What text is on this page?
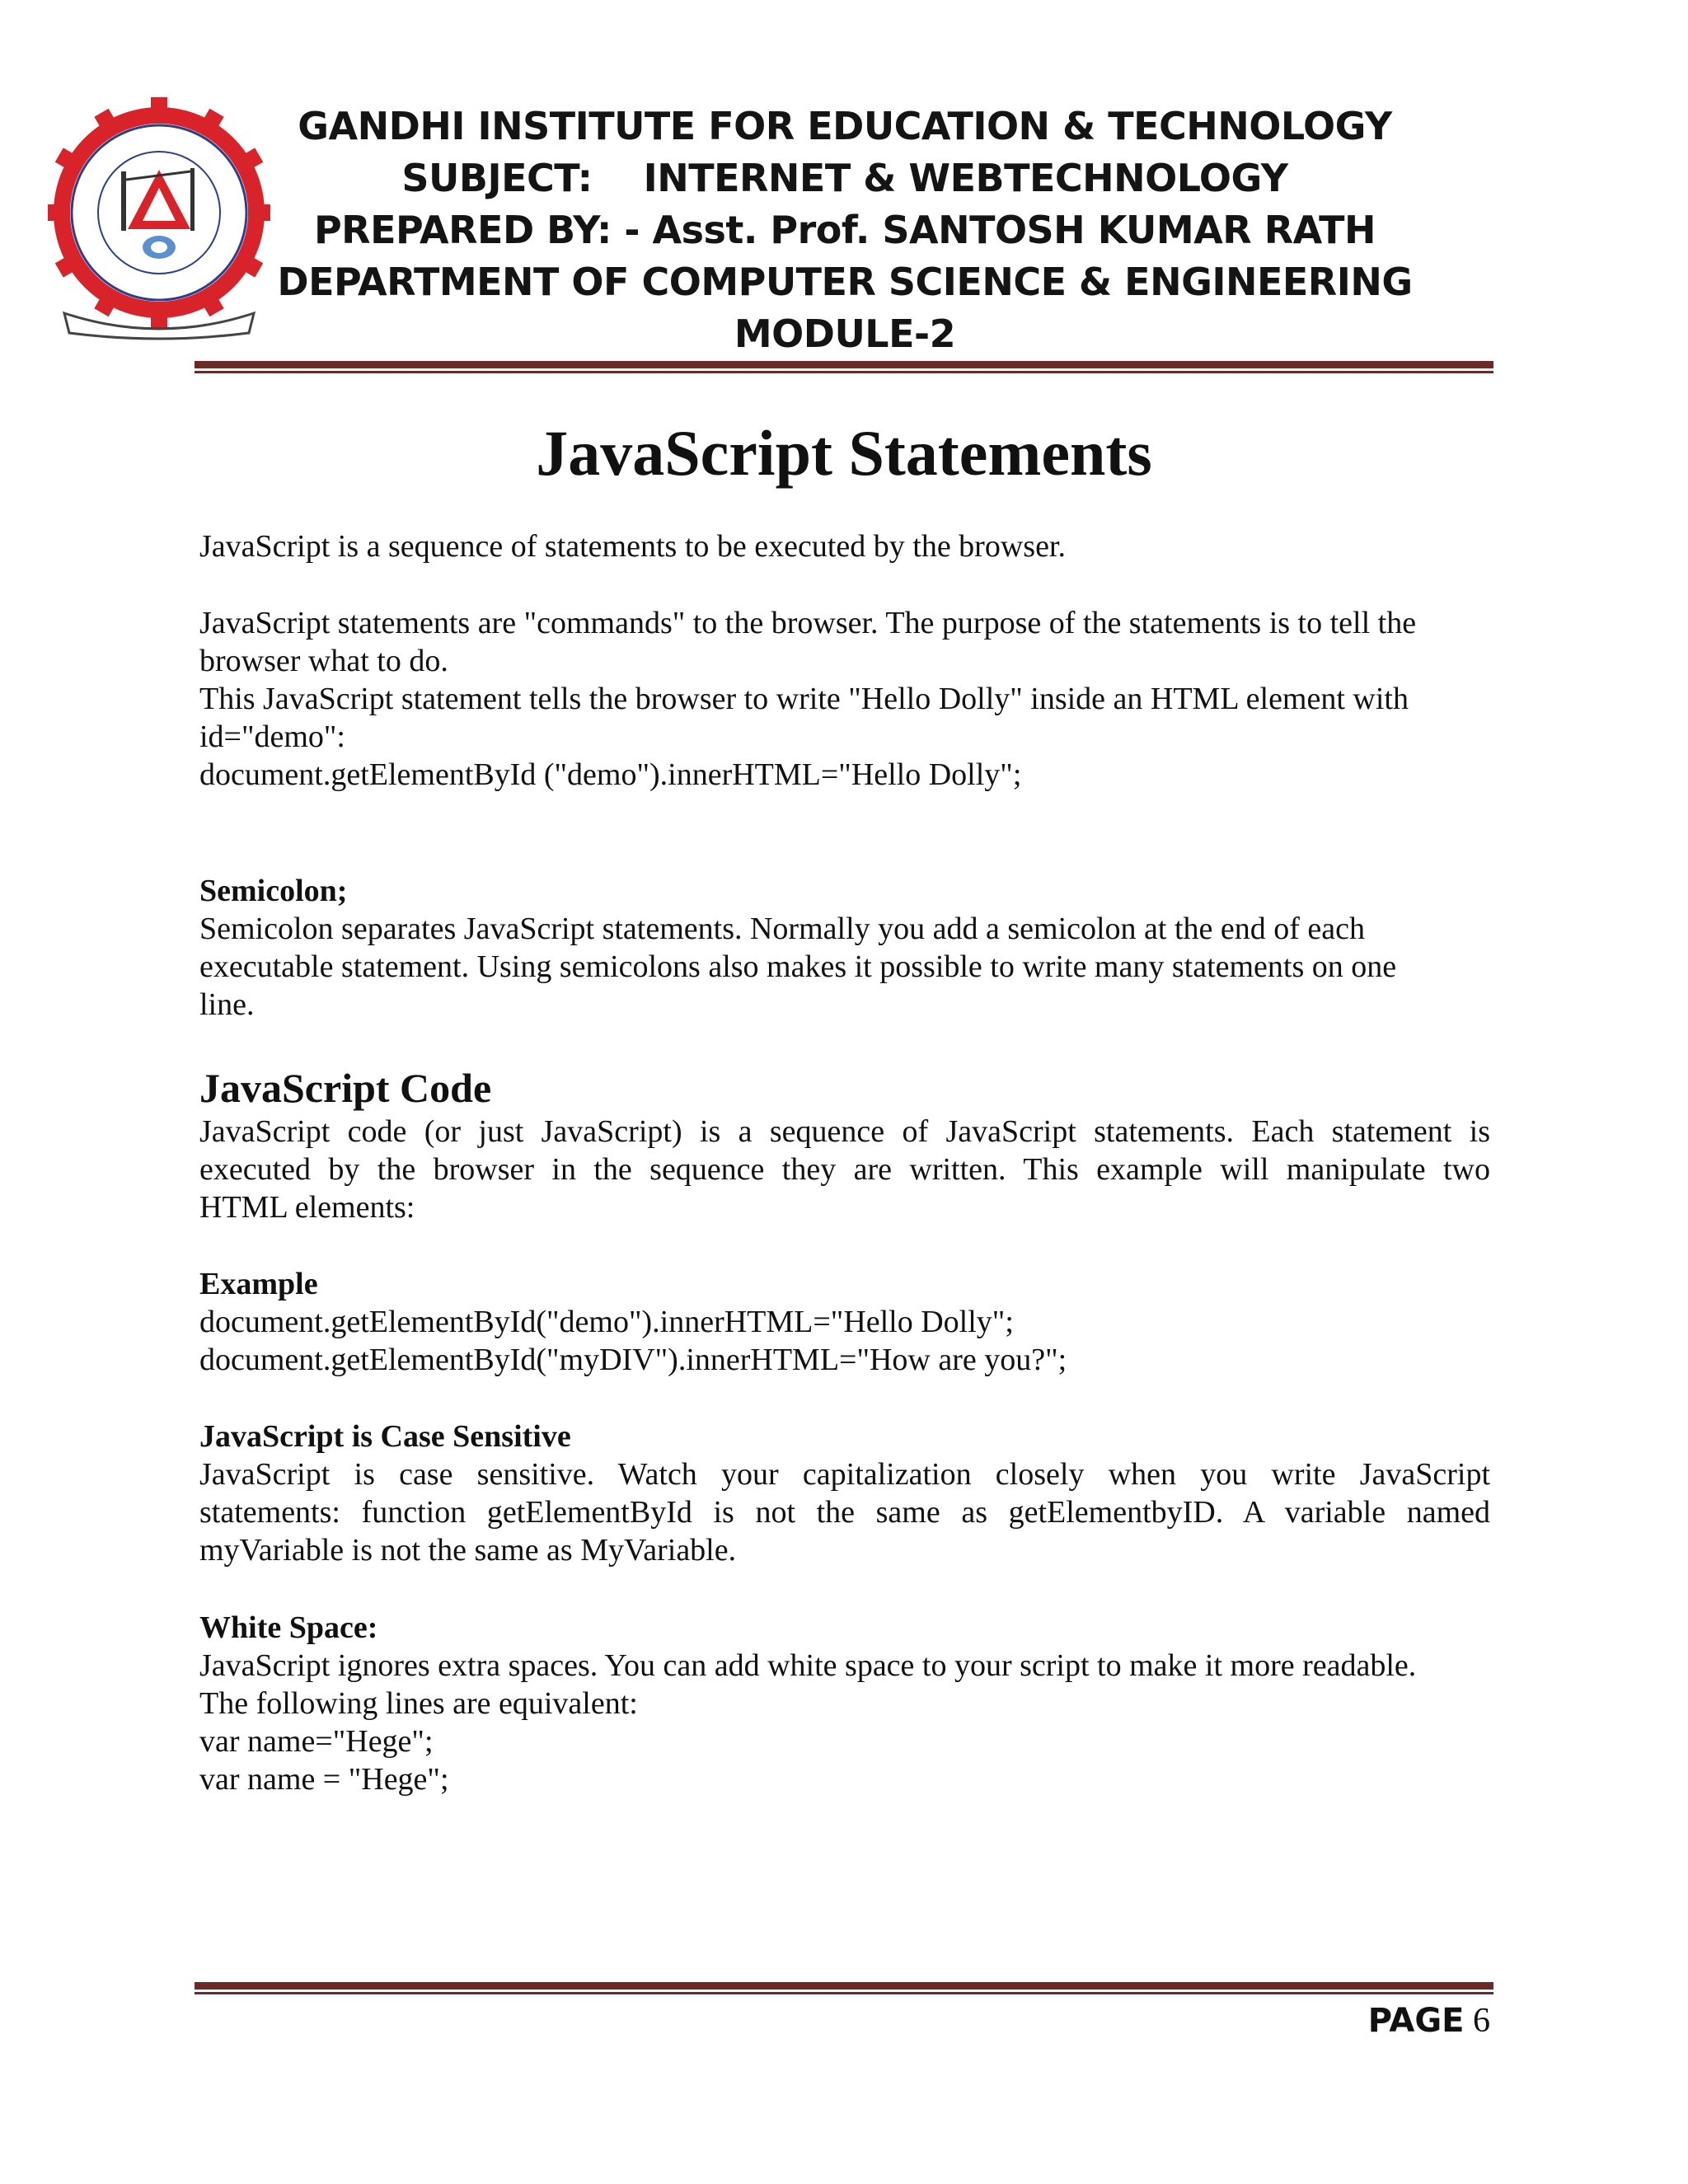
GANDHI INSTITUTE FOR EDUCATION & TECHNOLOGY
SUBJECT:    INTERNET & WEBTECHNOLOGY
PREPARED BY: - Asst. Prof. SANTOSH KUMAR RATH
DEPARTMENT OF COMPUTER SCIENCE & ENGINEERING
MODULE-2
JavaScript Statements

JavaScript is a sequence of statements to be executed by the browser.

JavaScript statements are "commands" to the browser. The purpose of the statements is to tell the

browser what to do.

This JavaScript statement tells the browser to write "Hello Dolly" inside an HTML element with

id="demo":

document.getElementById ("demo").innerHTML="Hello Dolly";

Semicolon;

Semicolon separates JavaScript statements. Normally you add a semicolon at the end of each

executable statement. Using semicolons also makes it possible to write many statements on one

line.

JavaScript Code

JavaScript code (or just JavaScript) is a sequence of JavaScript statements. Each statement is

executed by the browser in the sequence they are written. This example will manipulate two

HTML elements:

Example

document.getElementById("demo").innerHTML="Hello Dolly";

document.getElementById("myDIV").innerHTML="How are you?";

JavaScript is Case Sensitive

JavaScript is case sensitive. Watch your capitalization closely when you write JavaScript

statements: function getElementById is not the same as getElementbyID. A variable named

myVariable is not the same as MyVariable.

White Space:

JavaScript ignores extra spaces. You can add white space to your script to make it more readable.

The following lines are equivalent:

var name="Hege";

var name = "Hege";

PAGE 6
